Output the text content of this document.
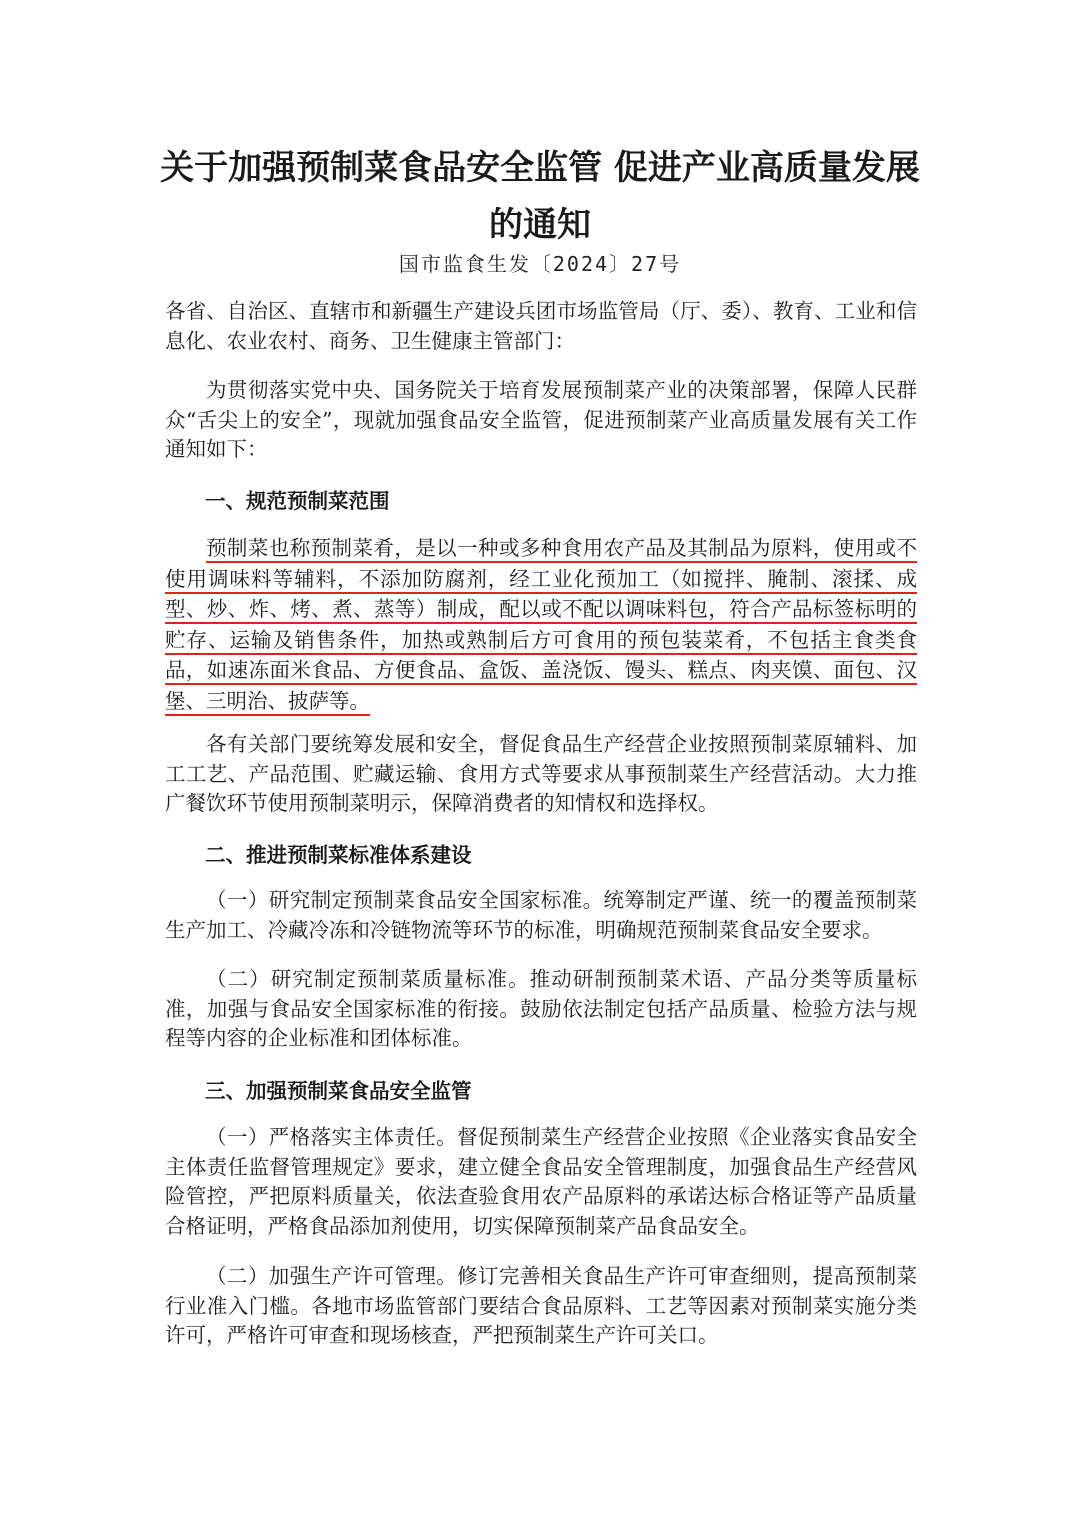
关于加强预制菜食品安全监管 促进产业高质量发展
的通知
国市监食生发〔2024〕27号

各省、自治区、直辖市和新疆生产建设兵团市场监管局（厅、委）、教育、工业和信息化、农业农村、商务、卫生健康主管部门：

为贯彻落实党中央、国务院关于培育发展预制菜产业的决策部署，保障人民群众“舌尖上的安全”，现就加强食品安全监管，促进预制菜产业高质量发展有关工作通知如下：

一、规范预制菜范围

预制菜也称预制菜肴，是以一种或多种食用农产品及其制品为原料，使用或不使用调味料等辅料，不添加防腐剂，经工业化预加工（如搅拌、腌制、滚揉、成型、炒、炸、烤、煮、蒸等）制成，配以或不配以调味料包，符合产品标签标明的贮存、运输及销售条件，加热或熟制后方可食用的预包装菜肴，不包括主食类食品，如速冻面米食品、方便食品、盒饭、盖浇饭、馒头、糕点、肉夹馍、面包、汉堡、三明治、披萨等。

各有关部门要统筹发展和安全，督促食品生产经营企业按照预制菜原辅料、加工工艺、产品范围、贮藏运输、食用方式等要求从事预制菜生产经营活动。大力推广餐饮环节使用预制菜明示，保障消费者的知情权和选择权。

二、推进预制菜标准体系建设

（一）研究制定预制菜食品安全国家标准。统筹制定严谨、统一的覆盖预制菜生产加工、冷藏冷冻和冷链物流等环节的标准，明确规范预制菜食品安全要求。

（二）研究制定预制菜质量标准。推动研制预制菜术语、产品分类等质量标准，加强与食品安全国家标准的衔接。鼓励依法制定包括产品质量、检验方法与规程等内容的企业标准和团体标准。

三、加强预制菜食品安全监管

（一）严格落实主体责任。督促预制菜生产经营企业按照《企业落实食品安全主体责任监督管理规定》要求，建立健全食品安全管理制度，加强食品生产经营风险管控，严把原料质量关，依法查验食用农产品原料的承诺达标合格证等产品质量合格证明，严格食品添加剂使用，切实保障预制菜产品食品安全。

（二）加强生产许可管理。修订完善相关食品生产许可审查细则，提高预制菜行业准入门槛。各地市场监管部门要结合食品原料、工艺等因素对预制菜实施分类许可，严格许可审查和现场核查，严把预制菜生产许可关口。
